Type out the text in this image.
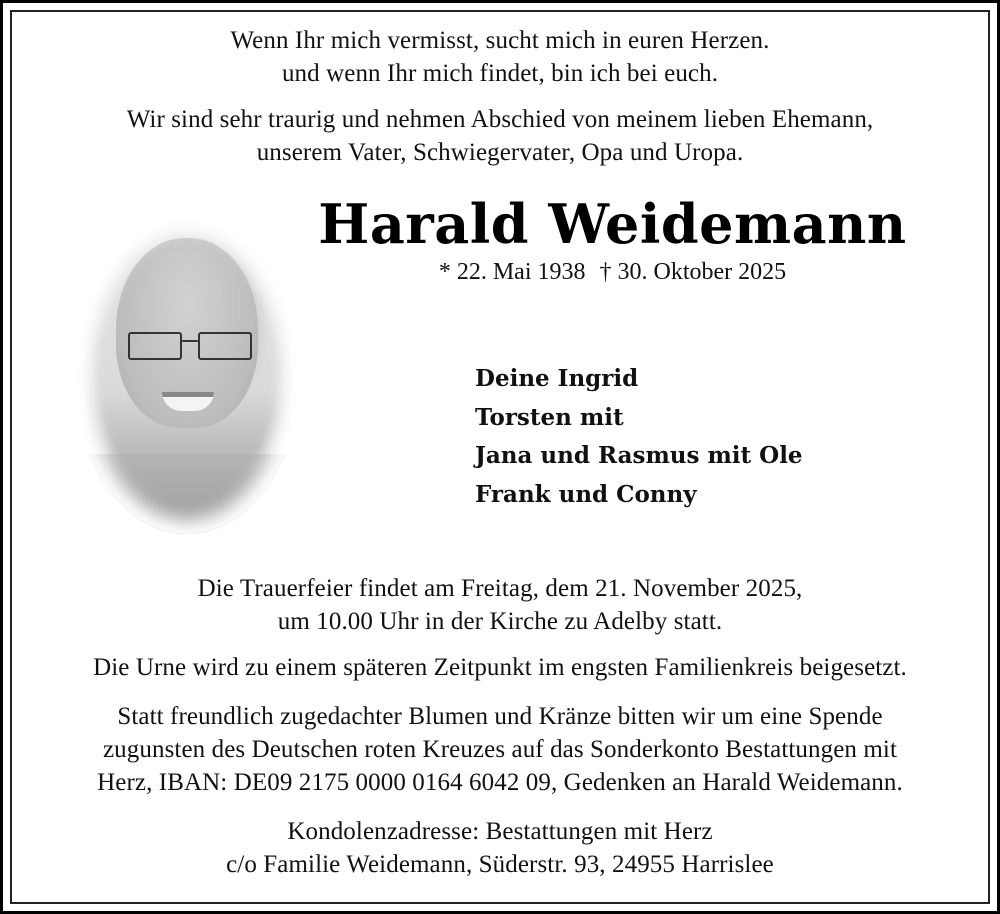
Wenn Ihr mich vermisst, sucht mich in euren Herzen.
und wenn Ihr mich findet, bin ich bei euch.
Wir sind sehr traurig und nehmen Abschied von meinem lieben Ehemann,
unserem Vater, Schwiegervater, Opa und Uropa.
Harald Weidemann
* 22. Mai 1938 † 30. Oktober 2025
Deine Ingrid
Torsten mit
Jana und Rasmus mit Ole
Frank und Conny
Die Trauerfeier findet am Freitag, dem 21. November 2025,
um 10.00 Uhr in der Kirche zu Adelby statt.
Die Urne wird zu einem späteren Zeitpunkt im engsten Familienkreis beigesetzt.
Statt freundlich zugedachter Blumen und Kränze bitten wir um eine Spende
zugunsten des Deutschen roten Kreuzes auf das Sonderkonto Bestattungen mit
Herz, IBAN: DE09 2175 0000 0164 6042 09, Gedenken an Harald Weidemann.
Kondolenzadresse: Bestattungen mit Herz
c/o Familie Weidemann, Süderstr. 93, 24955 Harrislee
